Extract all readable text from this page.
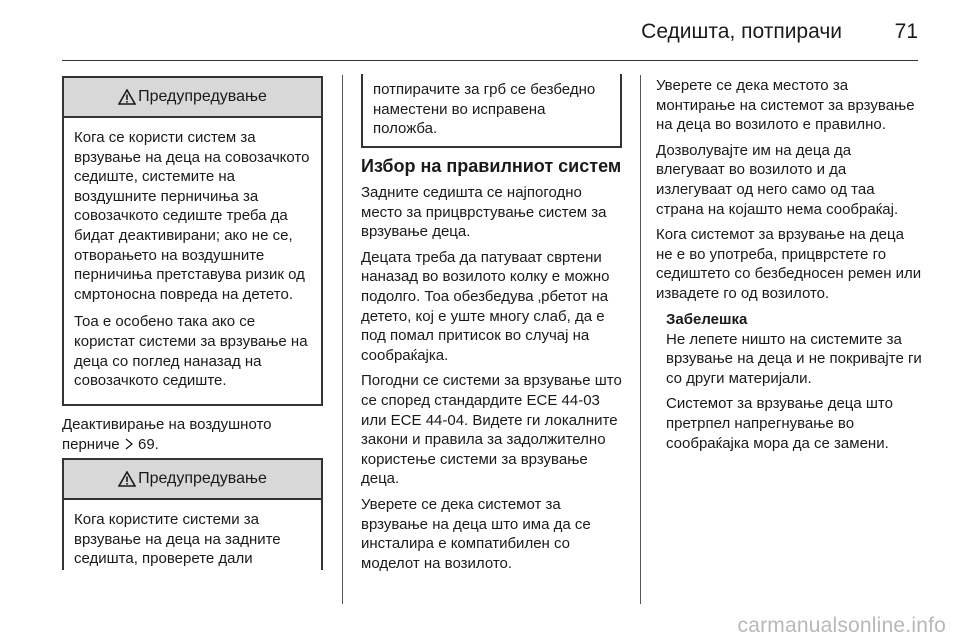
Седишта, потпирачи	71
Предупредување

Кога се користи систем за врзување на деца на совозачкото седиште, системите на воздушните перничиња за совозачкото седиште треба да бидат деактивирани; ако не се, отворањето на воздушните перничиња претставува ризик од смртоносна повреда на детето.

Тоа е особено така ако се користат системи за врзување на деца со поглед наназад на совозачкото седиште.

Деактивирање на воздушното перниче 69.
Предупредување

Кога користите системи за врзување на деца на задните седишта, проверете дали

потпирачите за грб се безбедно наместени во исправена положба.

Избор на правилниот систем

Задните седишта се најпогодно место за прицврстување систем за врзување деца.

Децата треба да патуваат свртени наназад во возилото колку е можно подолго. Тоа обезбедува ‚рбетот на детето, кој е уште многу слаб, да е под помал притисок во случај на сообраќајка.

Погодни се системи за врзување што се според стандардите ECE 44-03 или ECE 44-04. Видете ги локалните закони и правила за задолжително користење системи за врзување деца.

Уверете се дека системот за врзување на деца што има да се инсталира е компатибилен со моделот на возилото.

Уверете се дека местото за монтирање на системот за врзување на деца во возилото е правилно.

Дозволувајте им на деца да влегуваат во возилото и да излегуваат од него само од таа страна на којашто нема сообраќај.

Кога системот за врзување на деца не е во употреба, прицврстете го седиштето со безбедносен ремен или извадете го од возилото.

Забелешка

Не лепете ништо на системите за врзување на деца и не покривајте ги со други материјали.

Системот за врзување деца што претрпел напрегнување во сообраќајка мора да се замени.

carmanualsonline.info
